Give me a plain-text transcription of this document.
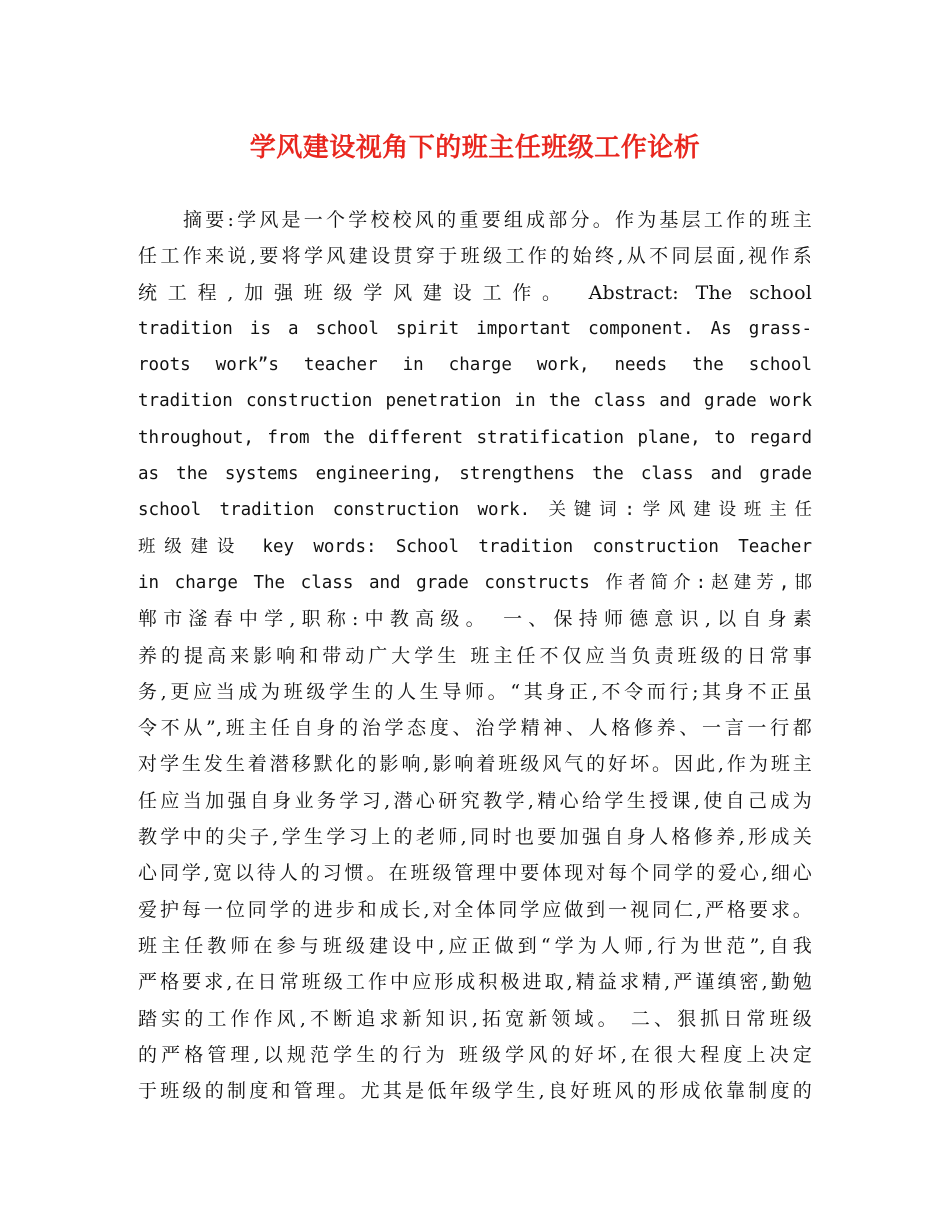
学风建设视角下的班主任班级工作论析
摘要:学风是一个学校校风的重要组成部分。作为基层工作的班主
任工作来说,要将学风建设贯穿于班级工作的始终,从不同层面,视作系
统工程,加强班级学风建设工作。 Abstract: The school
tradition is a school spirit important component. As grass-
roots work”s teacher in charge work, needs the school
tradition construction penetration in the class and grade work
throughout, from the different stratification plane, to regard
as the systems engineering, strengthens the class and grade
school tradition construction work. 关键词:学风建设班主任
班级建设 key words: School tradition construction Teacher
in charge The class and grade constructs 作者简介:赵建芳,邯
郸市滏春中学,职称:中教高级。 一、保持师德意识,以自身素
养的提高来影响和带动广大学生 班主任不仅应当负责班级的日常事
务,更应当成为班级学生的人生导师。“其身正,不令而行;其身不正虽
令不从”,班主任自身的治学态度、治学精神、人格修养、一言一行都
对学生发生着潜移默化的影响,影响着班级风气的好坏。因此,作为班主
任应当加强自身业务学习,潜心研究教学,精心给学生授课,使自己成为
教学中的尖子,学生学习上的老师,同时也要加强自身人格修养,形成关
心同学,宽以待人的习惯。在班级管理中要体现对每个同学的爱心,细心
爱护每一位同学的进步和成长,对全体同学应做到一视同仁,严格要求。
班主任教师在参与班级建设中,应正做到“学为人师,行为世范”,自我
严格要求,在日常班级工作中应形成积极进取,精益求精,严谨缜密,勤勉
踏实的工作作风,不断追求新知识,拓宽新领域。 二、狠抓日常班级
的严格管理,以规范学生的行为 班级学风的好坏,在很大程度上决定
于班级的制度和管理。尤其是低年级学生,良好班风的形成依靠制度的
